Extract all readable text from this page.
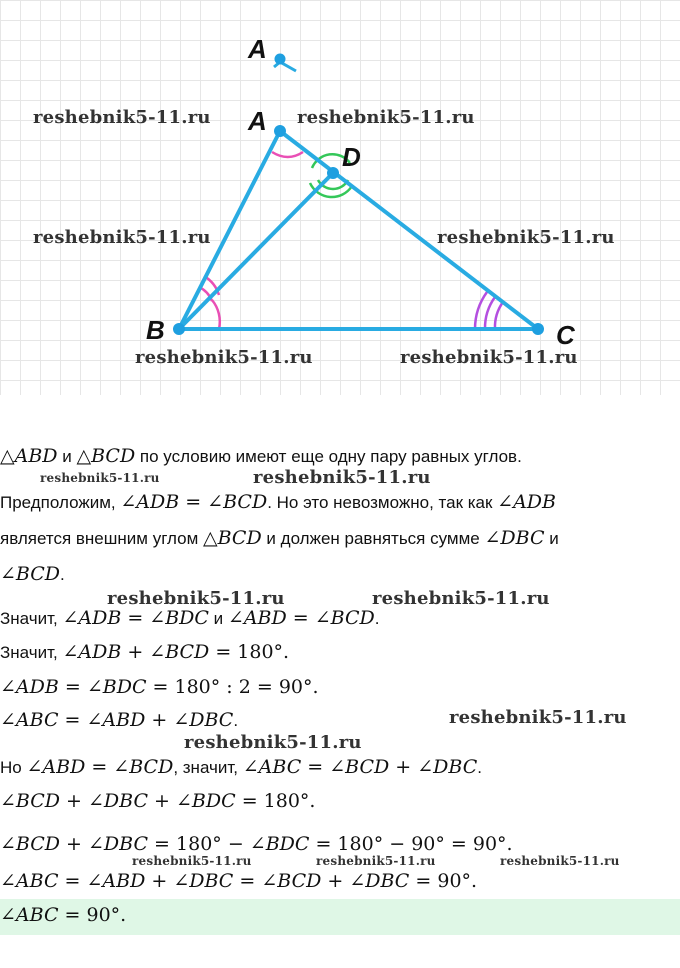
A
A
D
B	C
reshebnik5-11.ru	reshebnik5-11.ru
reshebnik5-11.ru	reshebnik5-11.ru
reshebnik5-11.ru	reshebnik5-11.ru
△ABD и △BCD по условию имеют еще одну пару равных углов.
reshebnik5-11.ru	reshebnik5-11.ru
Предположим, ∠ADB = ∠BCD. Но это невозможно, так как ∠ADB
является внешним углом △BCD и должен равняться сумме ∠DBC и
∠BCD.
reshebnik5-11.ru	reshebnik5-11.ru
Значит, ∠ADB = ∠BDC и ∠ABD = ∠BCD.
Значит, ∠ADB + ∠BCD = 180°.
∠ADB = ∠BDC = 180° : 2 = 90°.
∠ABC = ∠ABD + ∠DBC.	reshebnik5-11.ru
reshebnik5-11.ru
Но ∠ABD = ∠BCD, значит, ∠ABC = ∠BCD + ∠DBC.
∠BCD + ∠DBC + ∠BDC = 180°.
∠BCD + ∠DBC = 180° − ∠BDC = 180° − 90° = 90°.
reshebnik5-11.ru	reshebnik5-11.ru	reshebnik5-11.ru
∠ABC = ∠ABD + ∠DBC = ∠BCD + ∠DBC = 90°.
∠ABC = 90°.
